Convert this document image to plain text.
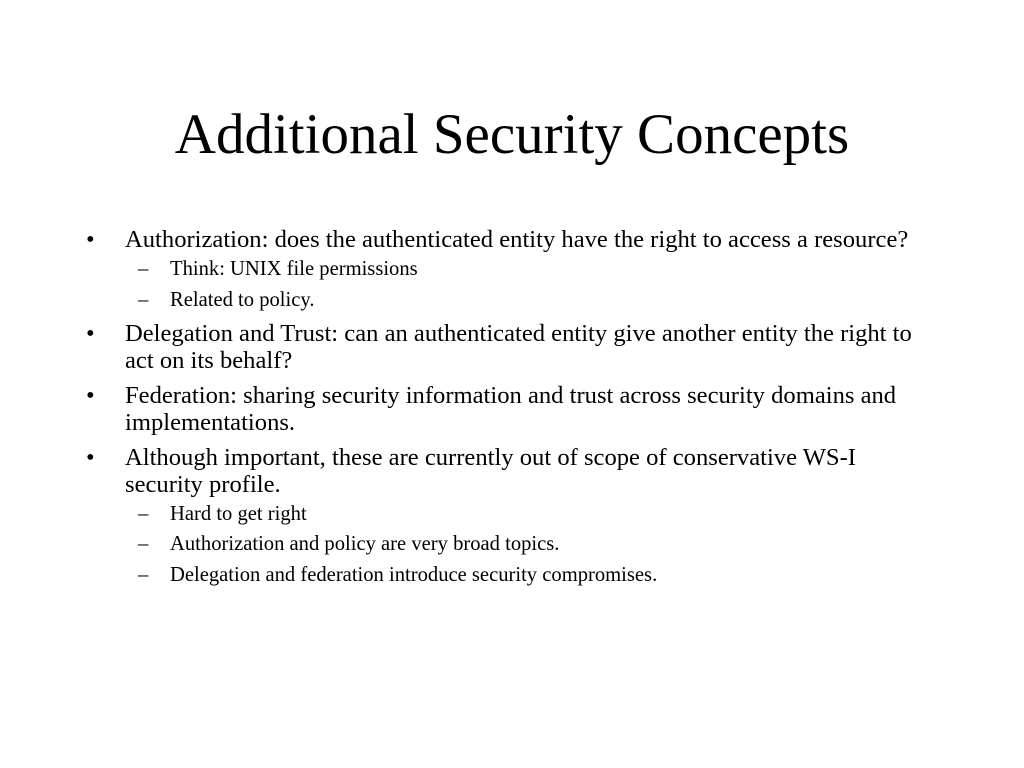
Additional Security Concepts
•	Authorization: does the authenticated entity have the right to access a resource?
– Think: UNIX file permissions
– Related to policy.
•	Delegation and Trust: can an authenticated entity give another entity the right to act on its behalf?
•	Federation: sharing security information and trust across security domains and implementations.
•	Although important, these are currently out of scope of conservative WS-I security profile.
– Hard to get right
– Authorization and policy are very broad topics.
– Delegation and federation introduce security compromises.
